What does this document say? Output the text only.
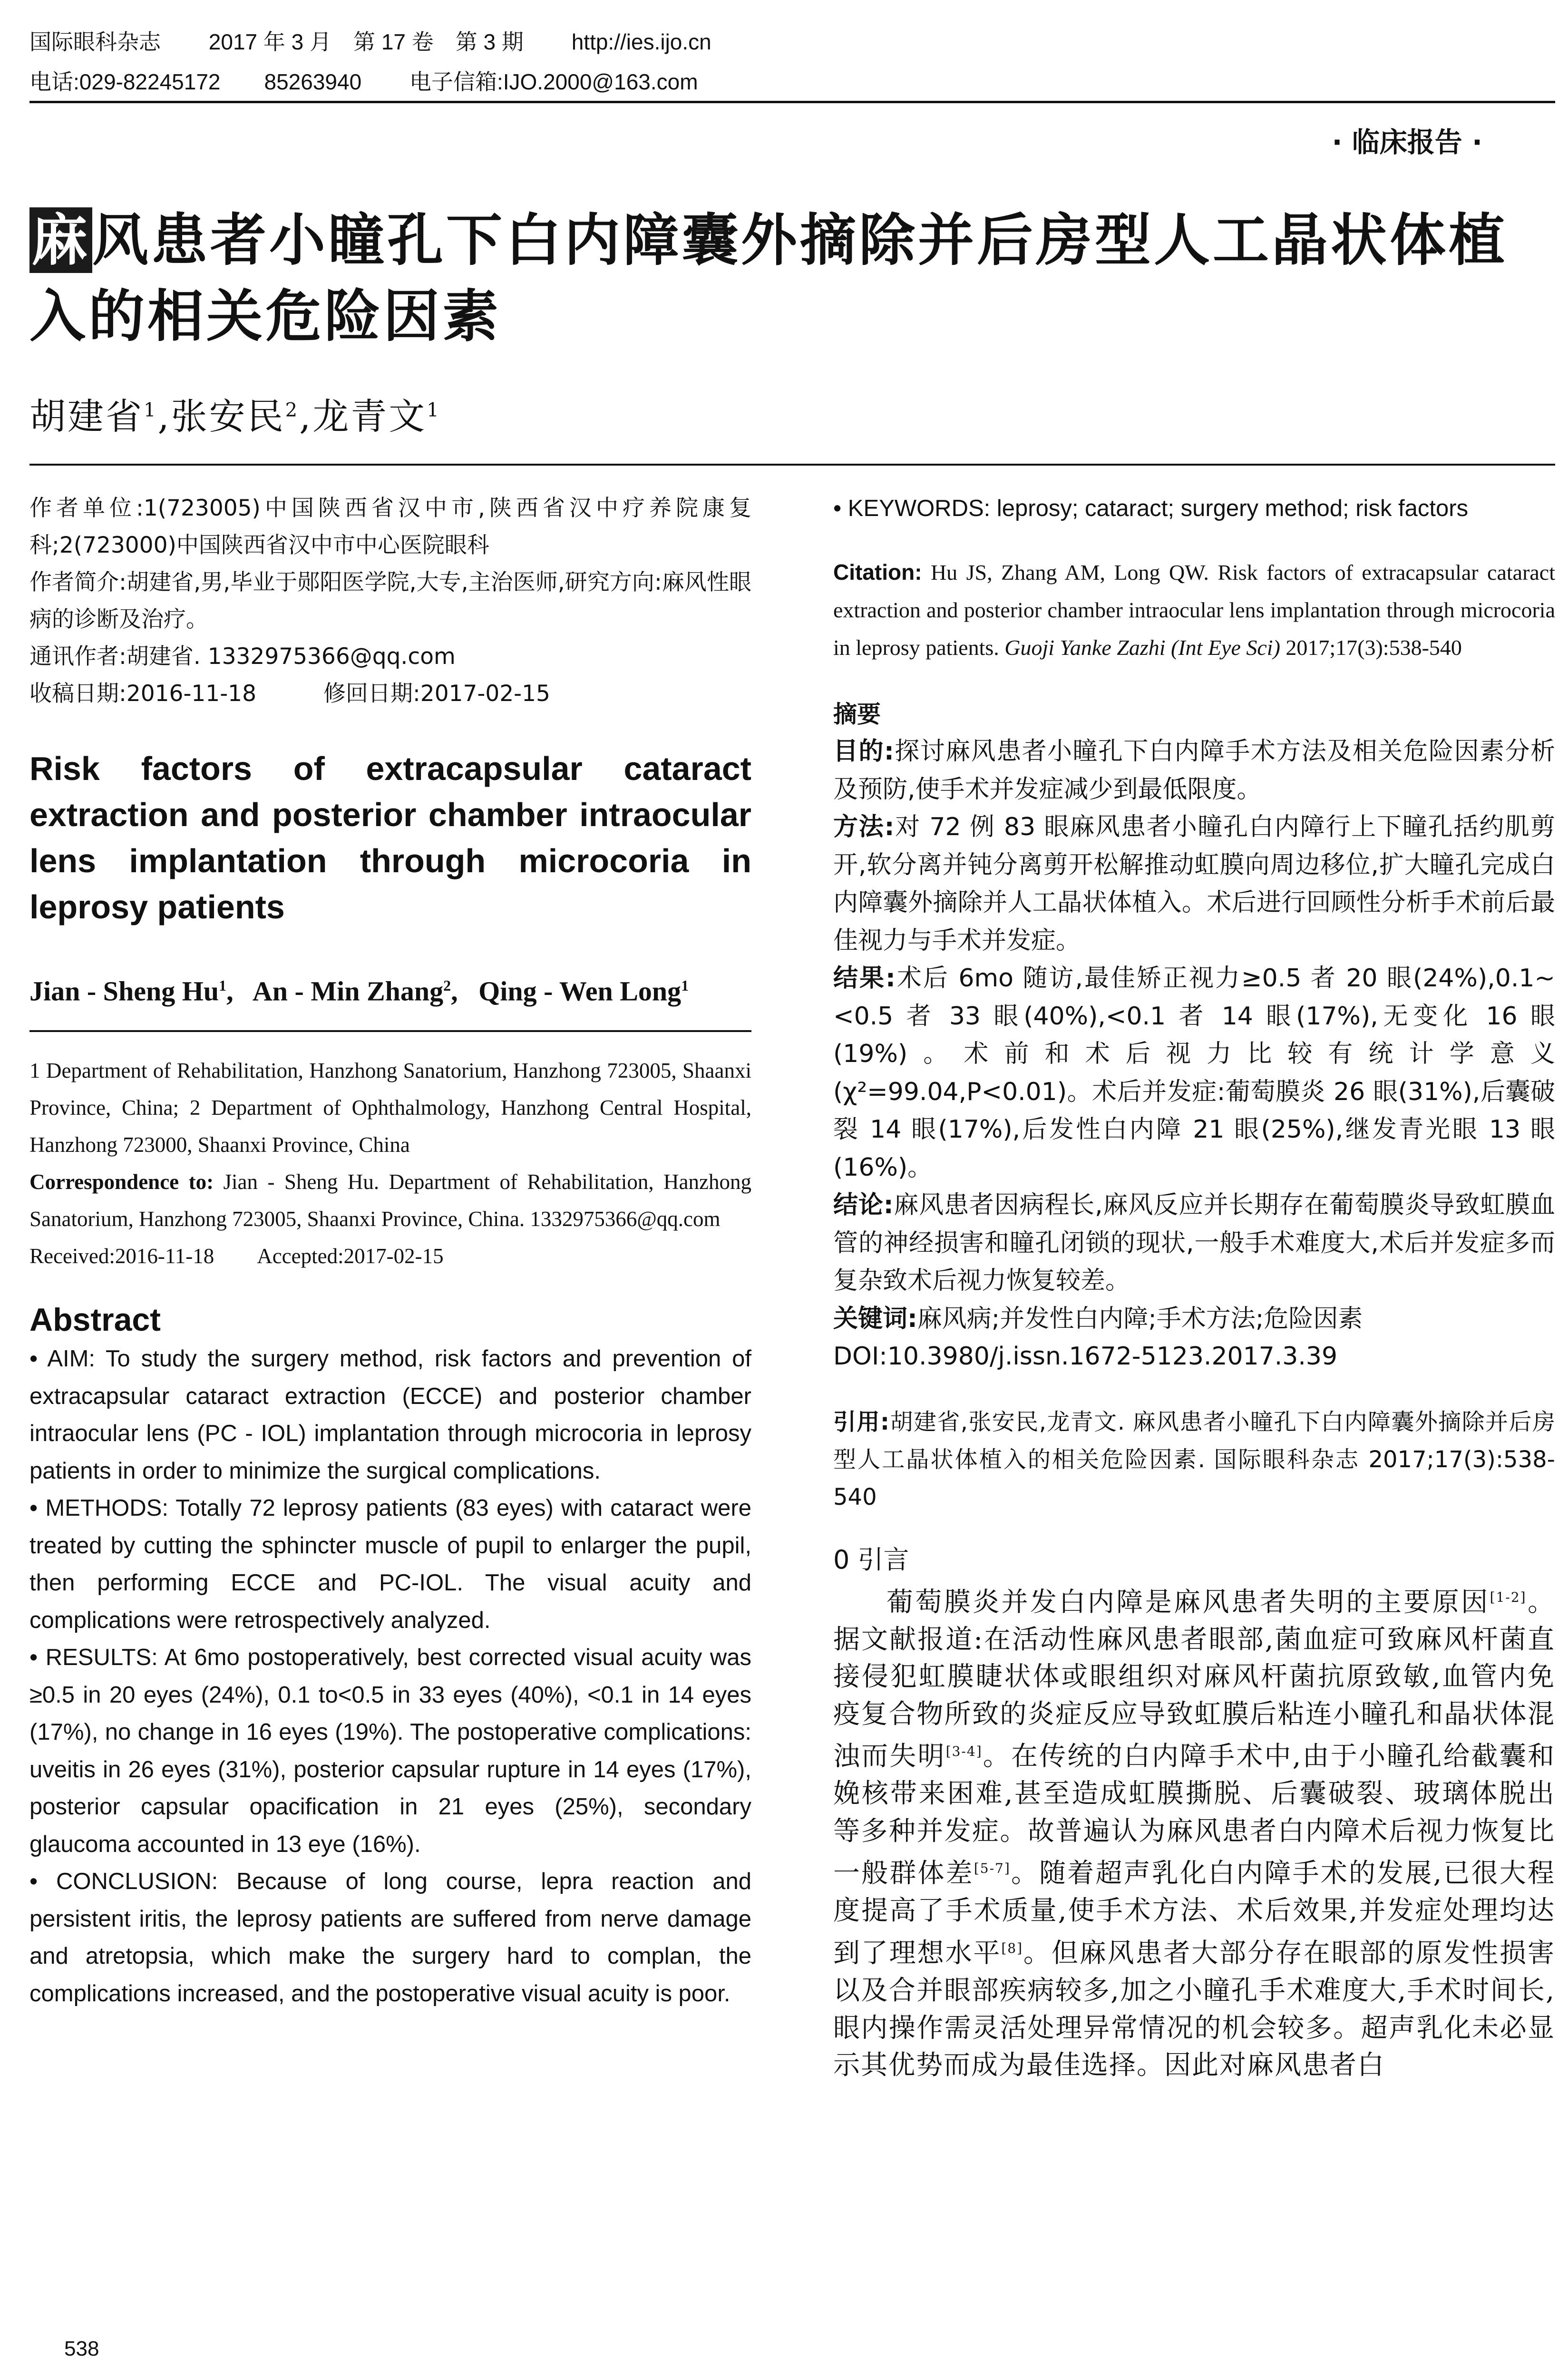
国际眼科杂志 2017 年 3 月　第 17 卷　第 3 期 http://ies.ijo.cn
电话:029-82245172　　85263940 电子信箱:IJO.2000@163.com
· 临床报告 ·
麻风患者小瞳孔下白内障囊外摘除并后房型人工晶状体植入的相关危险因素
胡建省$^1$,张安民$^2$,龙青文$^1$

作者单位:1(723005)中国陕西省汉中市,陕西省汉中疗养院康复科;2(723000)中国陕西省汉中市中心医院眼科

作者简介:胡建省,男,毕业于郧阳医学院,大专,主治医师,研究方向:麻风性眼病的诊断及治疗。

通讯作者:胡建省. 1332975366@qq.com

收稿日期:2016-11-18　　　修回日期:2017-02-15

Risk factors of extracapsular cataract extraction and posterior chamber intraocular lens implantation through microcoria in leprosy patients
Jian - Sheng Hu$^1$,   An - Min Zhang$^2$,   Qing - Wen Long$^1$

1 Department of Rehabilitation, Hanzhong Sanatorium, Hanzhong 723005, Shaanxi Province, China; 2 Department of Ophthalmology, Hanzhong Central Hospital, Hanzhong 723000, Shaanxi Province, China

Correspondence to: Jian - Sheng Hu. Department of Rehabilitation, Hanzhong Sanatorium, Hanzhong 723005, Shaanxi Province, China. 1332975366@qq.com

Received:2016-11-18　　Accepted:2017-02-15

Abstract

• AIM: To study the surgery method, risk factors and prevention of extracapsular cataract extraction (ECCE) and posterior chamber intraocular lens (PC - IOL) implantation through microcoria in leprosy patients in order to minimize the surgical complications.

• METHODS: Totally 72 leprosy patients (83 eyes) with cataract were treated by cutting the sphincter muscle of pupil to enlarger the pupil, then performing ECCE and PC-IOL. The visual acuity and complications were retrospectively analyzed.

• RESULTS: At 6mo postoperatively, best corrected visual acuity was ≥0.5 in 20 eyes (24%), 0.1 to<0.5 in 33 eyes (40%), <0.1 in 14 eyes (17%), no change in 16 eyes (19%). The postoperative complications: uveitis in 26 eyes (31%), posterior capsular rupture in 14 eyes (17%), posterior capsular opacification in 21 eyes (25%), secondary glaucoma accounted in 13 eye (16%).

• CONCLUSION: Because of long course, lepra reaction and persistent iritis, the leprosy patients are suffered from nerve damage and atretopsia, which make the surgery hard to complan, the complications increased, and the postoperative visual acuity is poor.

• KEYWORDS: leprosy; cataract; surgery method; risk factors
Citation: Hu JS, Zhang AM, Long QW. Risk factors of extracapsular cataract extraction and posterior chamber intraocular lens implantation through microcoria in leprosy patients. Guoji Yanke Zazhi (Int Eye Sci) 2017;17(3):538-540
摘要

目的:探讨麻风患者小瞳孔下白内障手术方法及相关危险因素分析及预防,使手术并发症减少到最低限度。

方法:对 72 例 83 眼麻风患者小瞳孔白内障行上下瞳孔括约肌剪开,软分离并钝分离剪开松解推动虹膜向周边移位,扩大瞳孔完成白内障囊外摘除并人工晶状体植入。术后进行回顾性分析手术前后最佳视力与手术并发症。

结果:术后 6mo 随访,最佳矫正视力≥0.5 者 20 眼(24%),0.1~<0.5 者 33 眼(40%),<0.1 者 14 眼(17%),无变化 16 眼(19%)。术前和术后视力比较有统计学意义(χ²=99.04,P<0.01)。术后并发症:葡萄膜炎 26 眼(31%),后囊破裂 14 眼(17%),后发性白内障 21 眼(25%),继发青光眼 13 眼(16%)。

结论:麻风患者因病程长,麻风反应并长期存在葡萄膜炎导致虹膜血管的神经损害和瞳孔闭锁的现状,一般手术难度大,术后并发症多而复杂致术后视力恢复较差。

关键词:麻风病;并发性白内障;手术方法;危险因素

DOI:10.3980/j.issn.1672-5123.2017.3.39

引用:胡建省,张安民,龙青文. 麻风患者小瞳孔下白内障囊外摘除并后房型人工晶状体植入的相关危险因素. 国际眼科杂志 2017;17(3):538-540
0 引言

葡萄膜炎并发白内障是麻风患者失明的主要原因[1-2]。据文献报道:在活动性麻风患者眼部,菌血症可致麻风杆菌直接侵犯虹膜睫状体或眼组织对麻风杆菌抗原致敏,血管内免疫复合物所致的炎症反应导致虹膜后粘连小瞳孔和晶状体混浊而失明[3-4]。在传统的白内障手术中,由于小瞳孔给截囊和娩核带来困难,甚至造成虹膜撕脱、后囊破裂、玻璃体脱出等多种并发症。故普遍认为麻风患者白内障术后视力恢复比一般群体差[5-7]。随着超声乳化白内障手术的发展,已很大程度提高了手术质量,使手术方法、术后效果,并发症处理均达到了理想水平[8]。但麻风患者大部分存在眼部的原发性损害以及合并眼部疾病较多,加之小瞳孔手术难度大,手术时间长,眼内操作需灵活处理异常情况的机会较多。超声乳化未必显示其优势而成为最佳选择。因此对麻风患者白

538
